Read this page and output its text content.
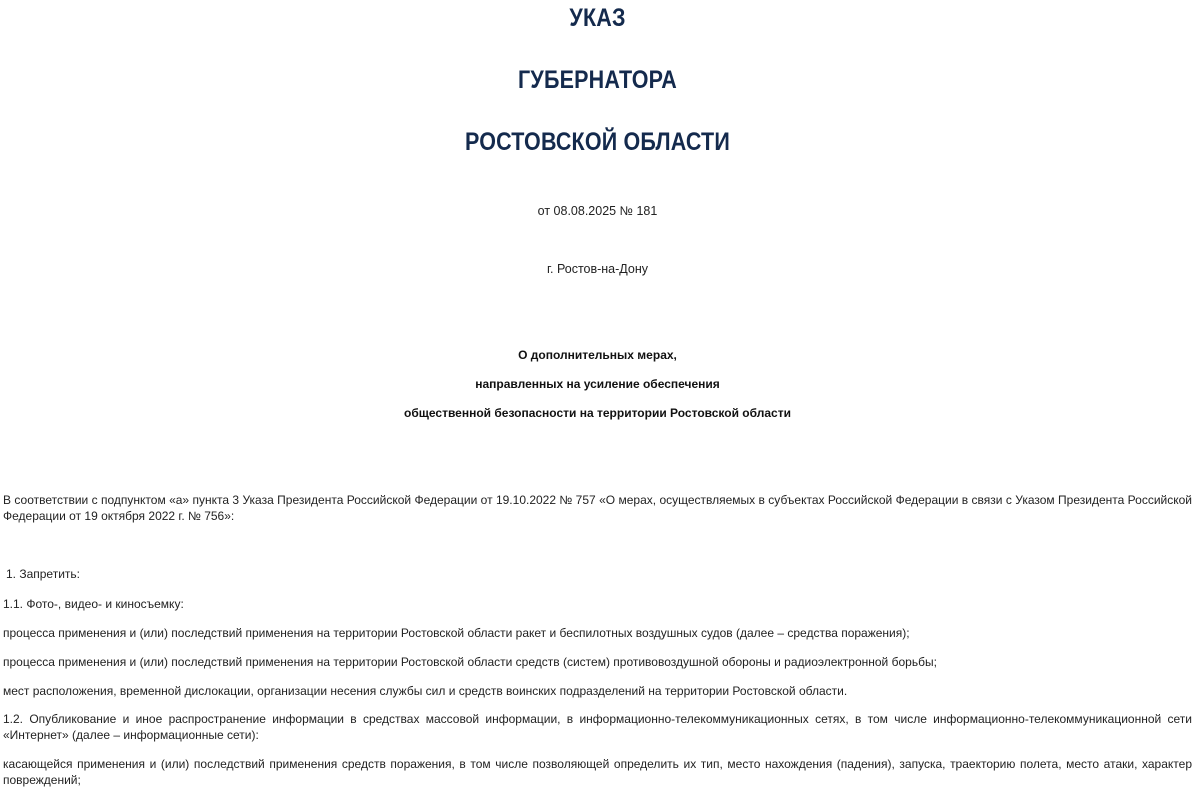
УКАЗ
ГУБЕРНАТОРА
РОСТОВСКОЙ ОБЛАСТИ
от 08.08.2025 № 181
г. Ростов-на-Дону
О дополнительных мерах,
направленных на усиление обеспечения
общественной безопасности на территории Ростовской области
В соответствии с подпунктом «а» пункта 3 Указа Президента Российской Федерации от 19.10.2022 № 757 «О мерах, осуществляемых в субъектах Российской Федерации в связи с Указом Президента Российской Федерации от 19 октября 2022 г. № 756»:
1. Запретить:
1.1. Фото-, видео- и киносъемку:
процесса применения и (или) последствий применения на территории Ростовской области ракет и беспилотных воздушных судов (далее – средства поражения);
процесса применения и (или) последствий применения на территории Ростовской области средств (систем) противовоздушной обороны и радиоэлектронной борьбы;
мест расположения, временной дислокации, организации несения службы сил и средств воинских подразделений на территории Ростовской области.
1.2. Опубликование и иное распространение информации в средствах массовой информации, в информационно-телекоммуникационных сетях, в том числе информационно-телекоммуникационной сети «Интернет» (далее – информационные сети):
касающейся применения и (или) последствий применения средств поражения, в том числе позволяющей определить их тип, место нахождения (падения), запуска, траекторию полета, место атаки, характер повреждений;
